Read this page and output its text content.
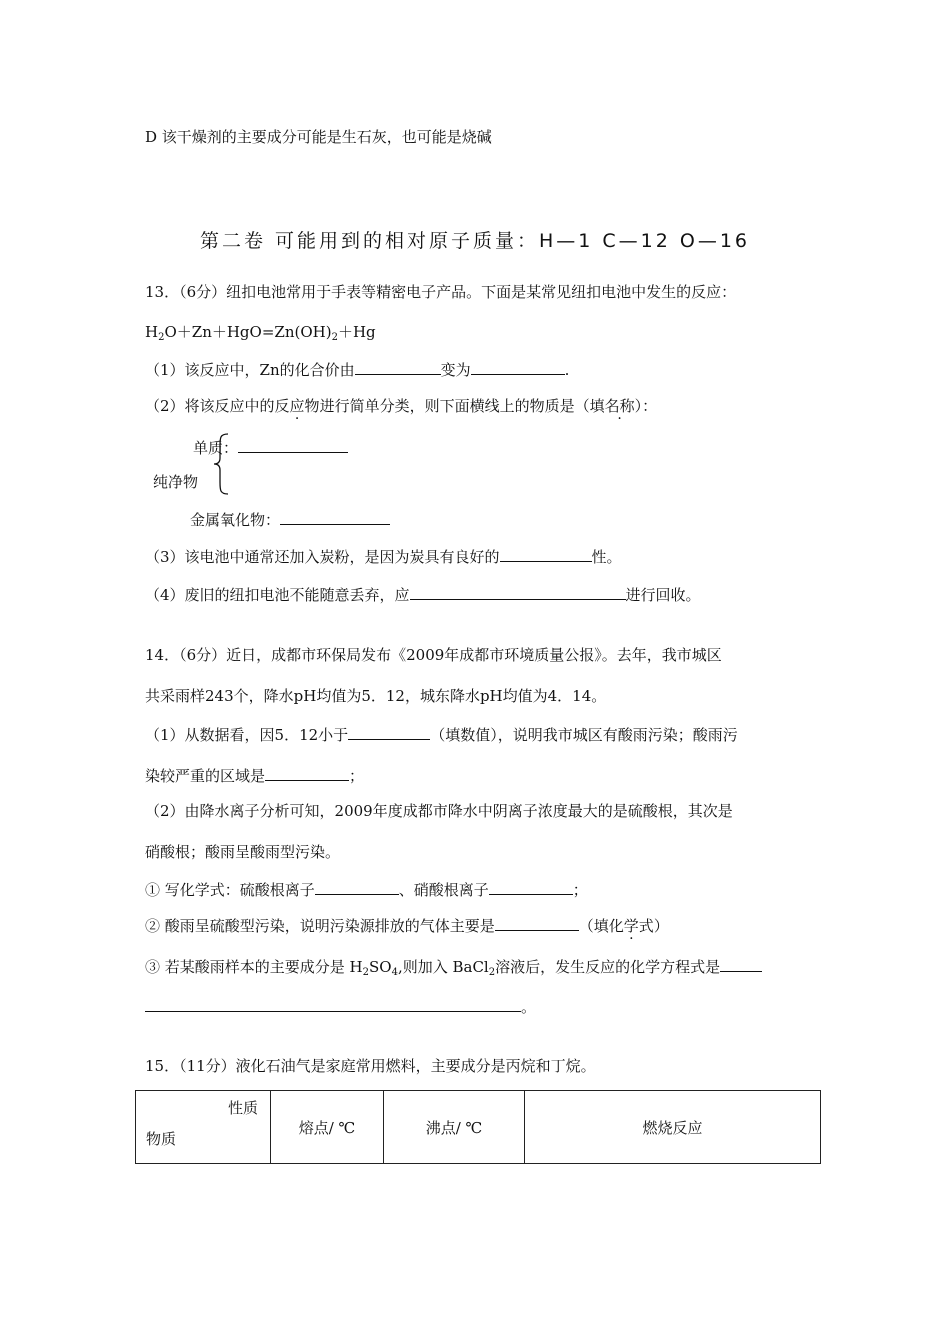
D 该干燥剂的主要成分可能是生石灰，也可能是烧碱
第二卷 可能用到的相对原子质量：H—1 C—12 O—16
13．（6分）纽扣电池常用于手表等精密电子产品。下面是某常见纽扣电池中发生的反应：
$H_2O+Zn+HgO=Zn(OH)_2+Hg$
（1）该反应中，Zn的化合价由	变为	.
（2）将该反应中的反应物进行简单分类，则下面横线上的物质是（填名称）：
单质：
纯净物
金属氧化物：
（3）该电池中通常还加入炭粉，是因为炭具有良好的	性。
（4）废旧的纽扣电池不能随意丢弃，应	进行回收。
14．（6分）近日，成都市环保局发布《2009年成都市环境质量公报》。去年，我市城区
共采雨样243个，降水pH均值为5．12，城东降水pH均值为4．14。
（1）从数据看，因5．12小于	（填数值），说明我市城区有酸雨污染；酸雨污
染较严重的区域是	；
（2）由降水离子分析可知，2009年度成都市降水中阴离子浓度最大的是硫酸根，其次是
硝酸根；酸雨呈酸雨型污染。
① 写化学式：硫酸根离子	、硝酸根离子	；
② 酸雨呈硫酸型污染，说明污染源排放的气体主要是	（填化学式）
③ 若某酸雨样本的主要成分是 $H_2SO_4$,则加入 BaCl$_2$溶液后，发生反应的化学方程式是
。
15．（11分）液化石油气是家庭常用燃料，主要成分是丙烷和丁烷。
性质
物质
	熔点/ ℃	沸点/ ℃	燃烧反应
